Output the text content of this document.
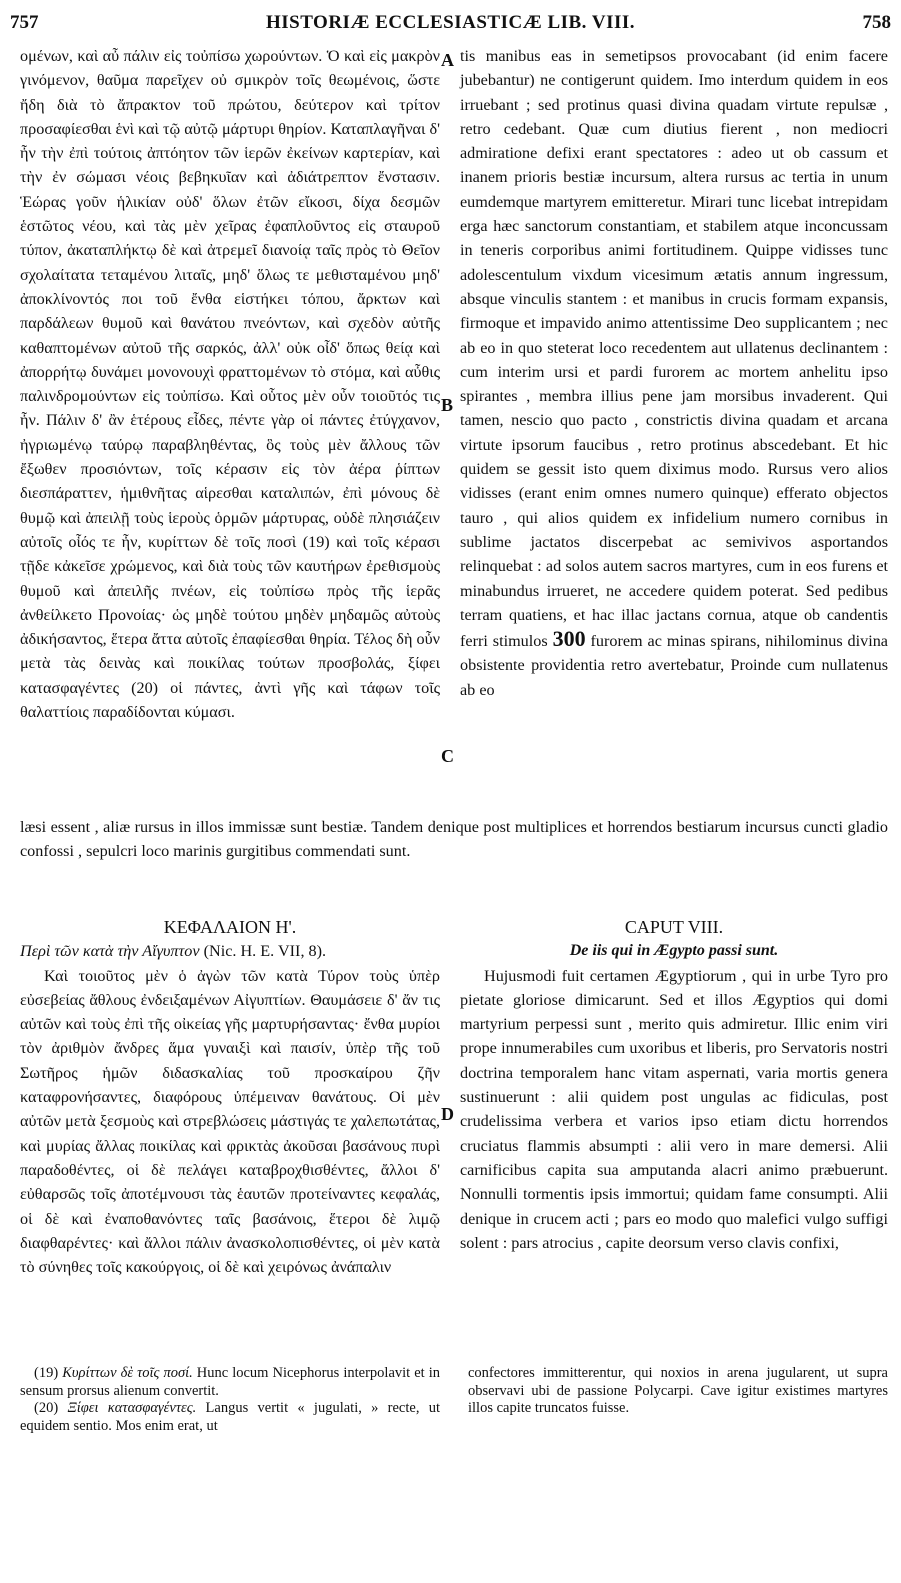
757	HISTORIÆ ECCLESIASTICÆ LIB. VIII.	758

ομένων, καὶ αὖ πάλιν εἰς τοὐπίσω χωρούντων. Ὁ καὶ εἰς μακρὸν γινόμενον, θαῦμα παρεῖχεν οὐ σμικρὸν τοῖς θεωμένοις, ὥστε ἤδη διὰ τὸ ἄπρακτον τοῦ πρώτου, δεύτερον καὶ τρίτον προσαφίεσθαι ἑνὶ καὶ τῷ αὐτῷ μάρτυρι θηρίον. Καταπλαγῆναι δ' ἦν τὴν ἐπὶ τούτοις ἀπτόητον τῶν ἱερῶν ἐκείνων καρτερίαν, καὶ τὴν ἐν σώμασι νέοις βεβηκυῖαν καὶ ἀδιάτρεπτον ἔνστασιν. Ἑώρας γοῦν ἡλικίαν οὐδ' ὅλων ἐτῶν εἴκοσι, δίχα δεσμῶν ἑστῶτος νέου, καὶ τὰς μὲν χεῖρας ἐφαπλοῦντος εἰς σταυροῦ τύπον, ἀκαταπλήκτῳ δὲ καὶ ἀτρεμεῖ διανοίᾳ ταῖς πρὸς τὸ Θεῖον σχολαίτατα τεταμένου λιταῖς, μηδ' ὅλως τε μεθισταμένου μηδ' ἀποκλίνοντός ποι τοῦ ἔνθα εἱστήκει τόπου, ἄρκτων καὶ παρδάλεων θυμοῦ καὶ θανάτου πνεόντων, καὶ σχεδὸν αὐτῆς καθαπτομένων αὐτοῦ τῆς σαρκός, ἀλλ' οὐκ οἶδ' ὅπως θείᾳ καὶ ἀπορρήτῳ δυνάμει μονονουχὶ φραττομένων τὸ στόμα, καὶ αὖθις παλινδρομούντων εἰς τοὐπίσω. Καὶ οὗτος μὲν οὖν τοιοῦτός τις ἦν. Πάλιν δ' ἂν ἑτέρους εἶδες, πέντε γὰρ οἱ πάντες ἐτύγχανον, ἠγριωμένῳ ταύρῳ παραβληθέντας, ὃς τοὺς μὲν ἄλλους τῶν ἔξωθεν προσιόντων, τοῖς κέρασιν εἰς τὸν ἀέρα ῥίπτων διεσπάραττεν, ἡμιθνῆτας αἱρεσθαι καταλιπών, ἐπὶ μόνους δὲ θυμῷ καὶ ἀπειλῇ τοὺς ἱεροὺς ὁρμῶν μάρτυρας, οὐδὲ πλησιάζειν αὐτοῖς οἷός τε ἦν, κυρίττων δὲ τοῖς ποσὶ (19) καὶ τοῖς κέρασι τῇδε κἀκεῖσε χρώμενος, καὶ διὰ τοὺς τῶν καυτήρων ἐρεθισμοὺς θυμοῦ καὶ ἀπειλῆς πνέων, εἰς τοὐπίσω πρὸς τῆς ἱερᾶς ἀνθείλκετο Προνοίας· ὡς μηδὲ τούτου μηδὲν μηδαμῶς αὐτοὺς ἀδικήσαντος, ἕτερα ἄττα αὐτοῖς ἐπαφίεσθαι θηρία. Τέλος δὴ οὖν μετὰ τὰς δεινὰς καὶ ποικίλας τούτων προσβολάς, ξίφει κατασφαγέντες (20) οἱ πάντες, ἀντὶ γῆς καὶ τάφων τοῖς θαλαττίοις παραδίδονται κύμασι.

tis manibus eas in semetipsos provocabant (id enim facere jubebantur) ne contigerunt quidem. Imo interdum quidem in eos irruebant ; sed protinus quasi divina quadam virtute repulsæ , retro cedebant. Quæ cum diutius fierent , non mediocri admiratione defixi erant spectatores : adeo ut ob cassum et inanem prioris bestiæ incursum, altera rursus ac tertia in unum eumdemque martyrem emitteretur. Mirari tunc licebat intrepidam erga hæc sanctorum constantiam, et stabilem atque inconcussam in teneris corporibus animi fortitudinem. Quippe vidisses tunc adolescentulum vixdum vicesimum ætatis annum ingressum, absque vinculis stantem : et manibus in crucis formam expansis, firmoque et impavido animo attentissime Deo supplicantem ; nec ab eo in quo steterat loco recedentem aut ullatenus declinantem : cum interim ursi et pardi furorem ac mortem anhelitu ipso spirantes , membra illius pene jam morsibus invaderent. Qui tamen, nescio quo pacto , constrictis divina quadam et arcana virtute ipsorum faucibus , retro protinus abscedebant. Et hic quidem se gessit isto quem diximus modo. Rursus vero alios vidisses (erant enim omnes numero quinque) efferato objectos tauro , qui alios quidem ex infidelium numero cornibus in sublime jactatos discerpebat ac semivivos asportandos relinquebat : ad solos autem sacros martyres, cum in eos furens et minabundus irrueret, ne accedere quidem poterat. Sed pedibus terram quatiens, et hac illac jactans cornua, atque ob candentis ferri stimulos 300 furorem ac minas spirans, nihilominus divina obsistente providentia retro avertebatur, Proinde cum nullatenus ab eo

A
B
C
D
læsi essent , aliæ rursus in illos immissæ sunt bestiæ. Tandem denique post multiplices et horrendos bestiarum incursus cuncti gladio confossi , sepulcri loco marinis gurgitibus commendati sunt.

ΚΕΦΑΛΑΙΟΝ Η'.

Περὶ τῶν κατὰ τὴν Αἴγυπτον (Nic. H. E. VII, 8).

Καὶ τοιοῦτος μὲν ὁ ἀγὼν τῶν κατὰ Τύρον τοὺς ὑπὲρ εὐσεβείας ἄθλους ἐνδειξαμένων Αἰγυπτίων. Θαυμάσειε δ' ἄν τις αὐτῶν καὶ τοὺς ἐπὶ τῆς οἰκείας γῆς μαρτυρήσαντας· ἔνθα μυρίοι τὸν ἀριθμὸν ἄνδρες ἅμα γυναιξὶ καὶ παισίν, ὑπὲρ τῆς τοῦ Σωτῆρος ἡμῶν διδασκαλίας τοῦ προσκαίρου ζῆν καταφρονήσαντες, διαφόρους ὑπέμειναν θανάτους. Οἱ μὲν αὐτῶν μετὰ ξεσμοὺς καὶ στρεβλώσεις μάστιγάς τε χαλεπωτάτας, καὶ μυρίας ἄλλας ποικίλας καὶ φρικτὰς ἀκοῦσαι βασάνους πυρὶ παραδοθέντες, οἱ δὲ πελάγει καταβροχθισθέντες, ἄλλοι δ' εὐθαρσῶς τοῖς ἀποτέμνουσι τὰς ἑαυτῶν προτείναντες κεφαλάς, οἱ δὲ καὶ ἐναποθανόντες ταῖς βασάνοις, ἕτεροι δὲ λιμῷ διαφθαρέντες· καὶ ἄλλοι πάλιν ἀνασκολοπισθέντες, οἱ μὲν κατὰ τὸ σύνηθες τοῖς κακούργοις, οἱ δὲ καὶ χειρόνως ἀνάπαλιν

CAPUT VIII.

De iis qui in Ægypto passi sunt.

Hujusmodi fuit certamen Ægyptiorum , qui in urbe Tyro pro pietate gloriose dimicarunt. Sed et illos Ægyptios qui domi martyrium perpessi sunt , merito quis admiretur. Illic enim viri prope innumerabiles cum uxoribus et liberis, pro Servatoris nostri doctrina temporalem hanc vitam aspernati, varia mortis genera sustinuerunt : alii quidem post ungulas ac fidiculas, post crudelissima verbera et varios ipso etiam dictu horrendos cruciatus flammis absumpti : alii vero in mare demersi. Alii carnificibus capita sua amputanda alacri animo præbuerunt. Nonnulli tormentis ipsis immortui; quidam fame consumpti. Alii denique in crucem acti ; pars eo modo quo malefici vulgo suffigi solent : pars atrocius , capite deorsum verso clavis confixi,

(19) Κυρίττων δὲ τοῖς ποσί. Hunc locum Nicephorus interpolavit et in sensum prorsus alienum convertit.
(20) Ξίφει κατασφαγέντες. Langus vertit « jugulati, » recte, ut equidem sentio. Mos enim erat, ut
confectores immitterentur, qui noxios in arena jugularent, ut supra observavi ubi de passione Polycarpi. Cave igitur existimes martyres illos capite truncatos fuisse.
